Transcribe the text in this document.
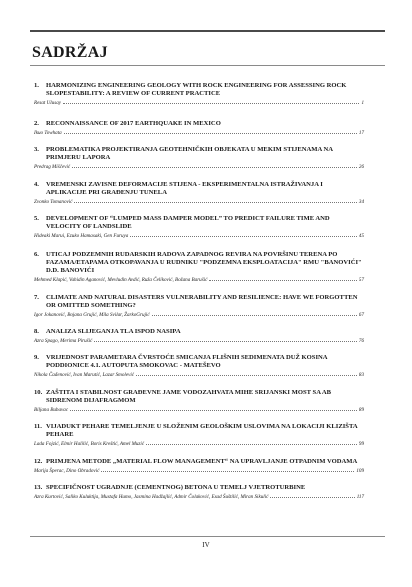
SADRŽAJ
1.	HARMONIZING ENGINEERING GEOLOGY WITH ROCK ENGINEERING FOR ASSESSING ROCK SLOPESTABILITY: A REVIEW OF CURRENT PRACTICE
Resat Ulusay	1
2.	RECONNAISSANCE OF 2017 EARTHQUAKE IN MEXICO
Ikuo Towhata	17
3.	PROBLEMATIKA PROJEKTIRANJA GEOTEHNIČKIH OBJEKATA U MEKIM STIJENAMA NA PRIMJERU LAPORA
Predrag Miščević	26
4.	VREMENSKI ZAVISNE DEFORMACIJE STIJENA - EKSPERIMENTALNA ISTRAŽIVANJA I APLIKACIJE PRI GRAĐENJU TUNELA
Zvonko Tomanović	34
5.	DEVELOPMENT OF “LUMPED MASS DAMPER MODEL” TO PREDICT FAILURE TIME AND VELOCITY OF LANDSLIDE
Hideaki Marui, Ezuko Hamasaki, Gen Furuya	45
6.	UTICAJ PODZEMNIH RUDARSKIH RADOVA ZAPADNOG REVIRA NA POVRŠINU TERENA PO FAZAMA/ETAPAMA OTKOPAVANJA U RUDNIKU "PODZEMNA EKSPLOATACIJA" RMU "BANOVIĆI" D.D. BANOVIĆI
Mehmed Klapić, Vahidin Aganović, Mevludin Avdić, Ruža Čeliković, Božana Barušić	57
7.	CLIMATE AND NATURAL DISASTERS VULNERABILITY AND RESILIENCE: HAVE WE FORGOTTEN OR OMITTED SOMETHING?
Igor Jokanović, Bojana Grujić, Mila Svilar, ŽarkoGrujić	67
8.	ANALIZA SLIJEGANJA TLA ISPOD NASIPA
Azra Spago, Merima Pirušić	76
9.	VRIJEDNOST PARAMETARA ČVRSTOĆE SMICANJA FLIŠNIH SEDIMENATA DUŽ KOSINA PODDIONICE 4.1. AUTOPUTA SMOKOVAC - MATEŠEVO
Nikola Čađenović, Ivan Marutić, Lazar Smolević	83
10. ZAŠTITA I STABILNOST GRAĐEVNE JAME VODOZAHVATA MIHE SRIJANSKI MOST SA AB SIDRENOM DIJAFRAGMOM
Biljana Bubavac	89
11. VIJADUKT PEHARE TEMELJENJE U SLOŽENIM GEOLOŠKIM USLOVIMA NA LOKACIJI KLIZIŠTA PEHARE
Lada Fojzić, Elmir Halilić, Boris Kreštić, Amel Muzić	99
12. PRIMJENA METODE „MATERIAL FLOW MANAGEMENT“ NA UPRAVLJANJE OTPADNIM VODAMA
Marija Šperac, Dino Obradović	109
13. SPECIFIČNOST UGRADNJE (CEMENTNOG) BETONA U TEMELJ VJETROTURBINE
Azra Kurtović, Saliko Kuluktija, Mustafa Humo, Jasmina Hadžajlić, Admir Čolaković, Esad Šuštilić, Miran Sikulić	117
IV
